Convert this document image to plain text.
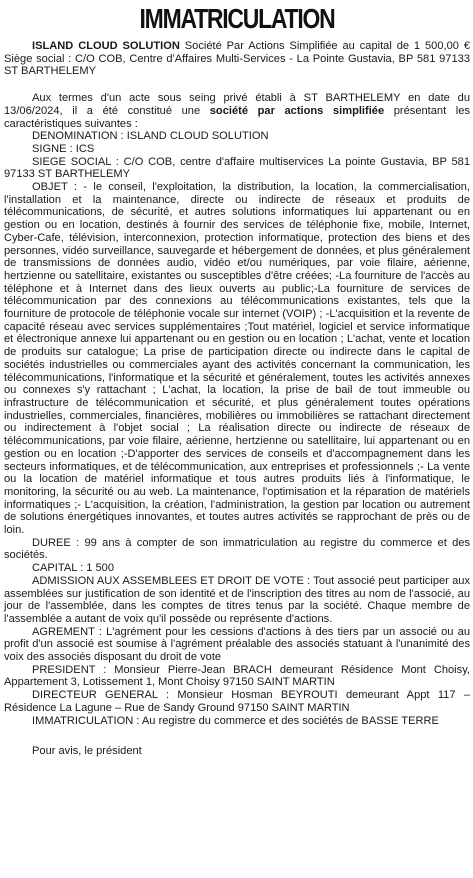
IMMATRICULATION

ISLAND CLOUD SOLUTION Société Par Actions Simplifiée au capital de 1 500,00 € Siège social : C/O COB, Centre d'Affaires Multi-Services - La Pointe Gustavia, BP 581 97133 ST BARTHELEMY

Aux termes d'un acte sous seing privé établi à ST BARTHELEMY en date du 13/06/2024, il a été constitué une société par actions simplifiée présentant les caractéristiques suivantes :

DENOMINATION : ISLAND CLOUD SOLUTION

SIGNE : ICS

SIEGE SOCIAL : C/O COB, centre d'affaire multiservices La pointe Gustavia, BP 581 97133 ST BARTHELEMY

OBJET : - le conseil, l'exploitation, la distribution, la location, la commercialisation, l'installation et la maintenance, directe ou indirecte de réseaux et produits de télécommunications, de sécurité, et autres solutions informatiques lui appartenant ou en gestion ou en location, destinés à fournir des services de téléphonie fixe, mobile, Internet, Cyber-Cafe, télévision, interconnexion, protection informatique, protection des biens et des personnes, vidéo surveillance, sauvegarde et hébergement de données, et plus généralement de transmissions de données audio, vidéo et/ou numériques, par voie filaire, aérienne, hertzienne ou satellitaire, existantes ou susceptibles d'être créées; -La fourniture de l'accès au téléphone et à Internet dans des lieux ouverts au public;-La fourniture de services de télécommunication par des connexions au télécommunications existantes, tels que la fourniture de protocole de téléphonie vocale sur internet (VOIP) ; -L'acquisition et la revente de capacité réseau avec services supplémentaires ;Tout matériel, logiciel et service informatique et électronique annexe lui appartenant ou en gestion ou en location ; L'achat, vente et location de produits sur catalogue; La prise de participation directe ou indirecte dans le capital de sociétés industrielles ou commerciales ayant des activités concernant la communication, les télécommunications, l'informatique et la sécurité et généralement, toutes les activités annexes ou connexes s'y rattachant ; L'achat, la location, la prise de bail de tout immeuble ou infrastructure de télécommunication et sécurité, et plus généralement toutes opérations industrielles, commerciales, financières, mobilières ou immobilières se rattachant directement ou indirectement à l'objet social ; La réalisation directe ou indirecte de réseaux de télécommunications, par voie filaire, aérienne, hertzienne ou satellitaire, lui appartenant ou en gestion ou en location ;-D'apporter des services de conseils et d'accompagnement dans les secteurs informatiques, et de télécommunication, aux entreprises et professionnels ;- La vente ou la location de matériel informatique et tous autres produits liés à l'informatique, le monitoring, la sécurité ou au web. La maintenance, l'optimisation et la réparation de matériels informatiques ;- L'acquisition, la création, l'administration, la gestion par location ou autrement de solutions énergétiques innovantes, et toutes autres activités se rapprochant de près ou de loin.

DUREE : 99 ans à compter de son immatriculation au registre du commerce et des sociétés.

CAPITAL : 1 500

ADMISSION AUX ASSEMBLEES ET DROIT DE VOTE : Tout associé peut participer aux assemblées sur justification de son identité et de l'inscription des titres au nom de l'associé, au jour de l'assemblée, dans les comptes de titres tenus par la société. Chaque membre de l'assemblée a autant de voix qu'il possède ou représente d'actions.

AGREMENT : L'agrément pour les cessions d'actions à des tiers par un associé ou au profit d'un associé est soumise à l'agrément préalable des associés statuant à l'unanimité des voix des associés disposant du droit de vote

PRESIDENT : Monsieur Pierre-Jean BRACH demeurant Résidence Mont Choisy, Appartement 3, Lotissement 1, Mont Choisy 97150 SAINT MARTIN

DIRECTEUR GENERAL : Monsieur Hosman BEYROUTI demeurant Appt 117 – Résidence La Lagune – Rue de Sandy Ground 97150 SAINT MARTIN

IMMATRICULATION : Au registre du commerce et des sociétés de BASSE TERRE

Pour avis, le président
